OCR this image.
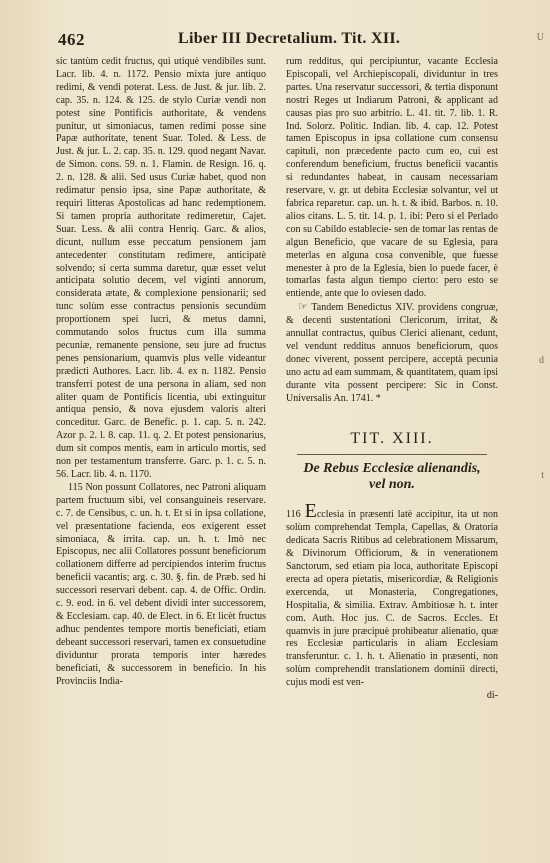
462	Liber III Decretalium. Tit. XII.

sic tantùm cedit fructus, qui utiquè vendibiles sunt. Lacr. lib. 4. n. 1172. Pensio mixta jure antiquo redimi, & vendi poterat. Less. de Just. & jur. lib. 2. cap. 35. n. 124. & 125. de stylo Curiæ vendi non potest sine Pontificis authoritate, & vendens punitur, ut simoniacus, tamen redimi posse sine Papæ authoritate, tenent Suar. Toled. & Less. de Just. & jur. L. 2. cap. 35. n. 129. quod negant Navar. de Simon. cons. 59. n. 1. Flamin. de Resign. 16. q. 2. n. 128. & alii. Sed usus Curiæ habet, quod non redimatur pensio ipsa, sine Papæ authoritate, & requiri litteras Apostolicas ad hanc redemptionem. Si tamen propria authoritate redimeretur, Cajet. Suar. Less. & alii contra Henriq. Garc. & alios, dicunt, nullum esse peccatum pensionem jam antecedenter constitutam redimere, anticipatè solvendo; si certa summa daretur, quæ esset velut anticipata solutio decem, vel viginti annorum, considerata ætate, & complexione pensionarii; sed tunc solùm esse contractus pensionis secundùm proportionem spei lucri, & metus damni, commutando solos fructus cum illa summa pecuniæ, remanente pensione, seu jure ad fructus penes pensionarium, quamvis plus velle videantur prædicti Authores. Lacr. lib. 4. ex n. 1182. Pensio transferri potest de una persona in aliam, sed non aliter quam de Pontificis licentia, ubi extinguitur antiqua pensio, & nova ejusdem valoris alteri conceditur. Garc. de Benefic. p. 1. cap. 5. n. 242. Azor p. 2. l. 8. cap. 11. q. 2. Et potest pensionarius, dum sit compos mentis, eam in articulo mortis, sed non per testamentum transferre. Garc. p. 1. c. 5. n. 56. Lacr. lib. 4. n. 1170.

115 Non possunt Collatores, nec Patroni aliquam partem fructuum sibi, vel consanguineis reservare. c. 7. de Censibus, c. un. h. t. Et si in ipsa collatione, vel præsentatione facienda, eos exigerent esset simoniaca, & irrita. cap. un. h. t. Imò nec Episcopus, nec alii Collatores possunt beneficiorum collationem differre ad percipiendos interim fructus beneficii vacantis; arg. c. 30. §. fin. de Præb. sed hi successori reservari debent. cap. 4. de Offic. Ordin. c. 9. eod. in 6. vel debent dividi inter successorem, & Ecclesiam. cap. 40. de Elect. in 6. Et licèt fructus adhuc pendentes tempore mortis beneficiati, etiam debeant successori reservari, tamen ex consuetudine dividuntur prorata temporis inter hæredes beneficiati, & successorem in beneficio. In his Provinciis India-

rum redditus, qui percipiuntur, vacante Ecclesia Episcopali, vel Archiepiscopali, dividuntur in tres partes. Una reservatur successori, & tertia disponunt nostri Reges ut Indiarum Patroni, & applicant ad causas pias pro suo arbitrio. L. 41. tit. 7. lib. 1. R. Ind. Solorz. Politic. Indian. lib. 4. cap. 12. Potest tamen Episcopus in ipsa collatione cum consensu capituli, non præcedente pacto cum eo, cui est conferendum beneficium, fructus beneficii vacantis si redundantes habeat, in causam necessariam reservare, v. gr. ut debita Ecclesiæ solvantur, vel ut fabrica reparetur. cap. un. h. t. & ibid. Barbos. n. 10. alios citans. L. 5. tit. 14. p. 1. ibi: Pero si el Perlado con su Cabildo establecie- sen de tomar las rentas de algun Beneficio, que vacare de su Eglesia, para meterlas en alguna cosa convenible, que fuesse menester à pro de la Eglesia, bien lo puede facer, è tomarlas fasta algun tiempo cierto: pero esto se entiende, ante que lo oviesen dado.

☞ Tandem Benedictus XIV. providens congruæ, & decenti sustentationi Clericorum, irritat, & annullat contractus, quibus Clerici alienant, cedunt, vel vendunt redditus annuos beneficiorum, quos donec viverent, possent percipere, acceptà pecunia uno actu ad eam summam, & quantitatem, quam ipsi durante vita possent percipere: Sic in Const. Universalis An. 1741. *

TIT. XIII.
De Rebus Ecclesiæ alienandis,
vel non.

116 Ecclesia in præsenti latè accipitur, ita ut non solùm comprehendat Templa, Capellas, & Oratoria dedicata Sacris Ritibus ad celebrationem Missarum, & Divinorum Officiorum, & in venerationem Sanctorum, sed etiam pia loca, authoritate Episcopi erecta ad opera pietatis, misericordiæ, & Religionis exercenda, ut Monasteria, Congregationes, Hospitalia, & similia. Extrav. Ambitiosæ h. t. inter com. Auth. Hoc jus. C. de Sacros. Eccles. Et quamvis in jure præcipuè prohibeatur alienatio, quæ res Ecclesiæ particularis in aliam Ecclesiam transferuntur. c. 1. h. t. Alienatio in præsenti, non solùm comprehendit translationem dominii directi, cujus modi est ven-

di-

U
d
t
